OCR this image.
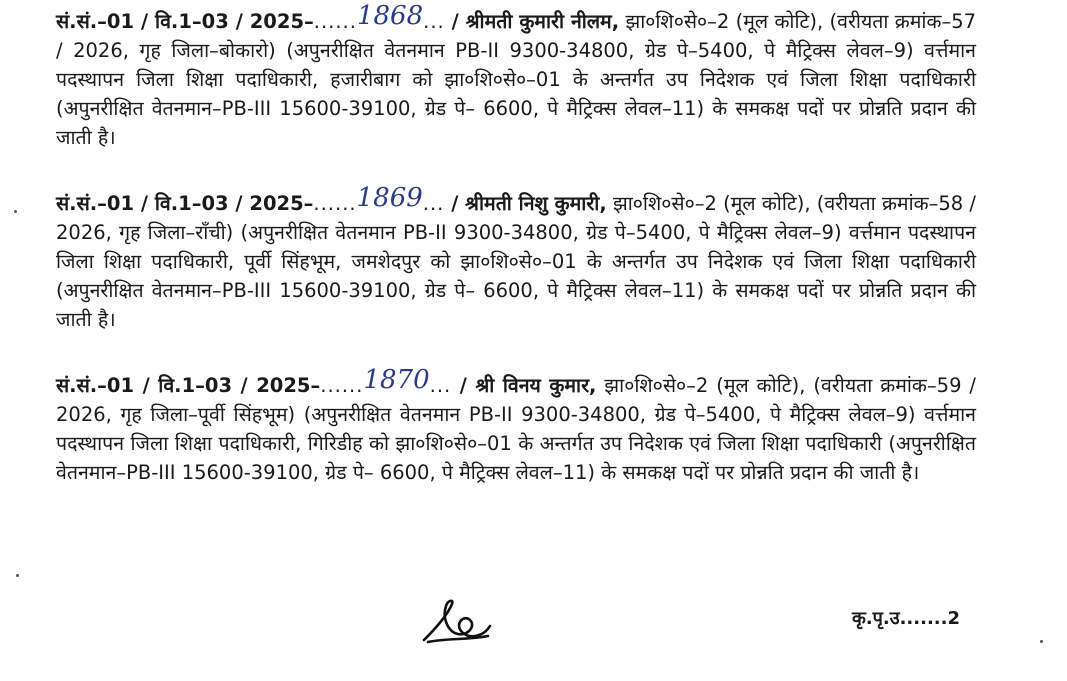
सं.सं.–01 / वि.1–03 / 2025–......1868... / श्रीमती कुमारी नीलम, झा०शि०से०–2 (मूल कोटि), (वरीयता क्रमांक–57 / 2026, गृह जिला–बोकारो) (अपुनरीक्षित वेतनमान PB-II 9300-34800, ग्रेड पे–5400, पे मैट्रिक्स लेवल–9) वर्त्तमान पदस्थापन जिला शिक्षा पदाधिकारी, हजारीबाग को झा०शि०से०–01 के अन्तर्गत उप निदेशक एवं जिला शिक्षा पदाधिकारी (अपुनरीक्षित वेतनमान–PB-III 15600-39100, ग्रेड पे– 6600, पे मैट्रिक्स लेवल–11) के समकक्ष पदों पर प्रोन्नति प्रदान की जाती है।

सं.सं.–01 / वि.1–03 / 2025–......1869... / श्रीमती निशु कुमारी, झा०शि०से०–2 (मूल कोटि), (वरीयता क्रमांक–58 / 2026, गृह जिला–राँची) (अपुनरीक्षित वेतनमान PB-II 9300-34800, ग्रेड पे–5400, पे मैट्रिक्स लेवल–9) वर्त्तमान पदस्थापन जिला शिक्षा पदाधिकारी, पूर्वी सिंहभूम, जमशेदपुर को झा०शि०से०–01 के अन्तर्गत उप निदेशक एवं जिला शिक्षा पदाधिकारी (अपुनरीक्षित वेतनमान–PB-III 15600-39100, ग्रेड पे– 6600, पे मैट्रिक्स लेवल–11) के समकक्ष पदों पर प्रोन्नति प्रदान की जाती है।

सं.सं.–01 / वि.1–03 / 2025–......1870... / श्री विनय कुमार, झा०शि०से०–2 (मूल कोटि), (वरीयता क्रमांक–59 / 2026, गृह जिला–पूर्वी सिंहभूम) (अपुनरीक्षित वेतनमान PB-II 9300-34800, ग्रेड पे–5400, पे मैट्रिक्स लेवल–9) वर्त्तमान पदस्थापन जिला शिक्षा पदाधिकारी, गिरिडीह को झा०शि०से०–01 के अन्तर्गत उप निदेशक एवं जिला शिक्षा पदाधिकारी (अपुनरीक्षित वेतनमान–PB-III 15600-39100, ग्रेड पे– 6600, पे मैट्रिक्स लेवल–11) के समकक्ष पदों पर प्रोन्नति प्रदान की जाती है।

कृ.पृ.उ.......2
